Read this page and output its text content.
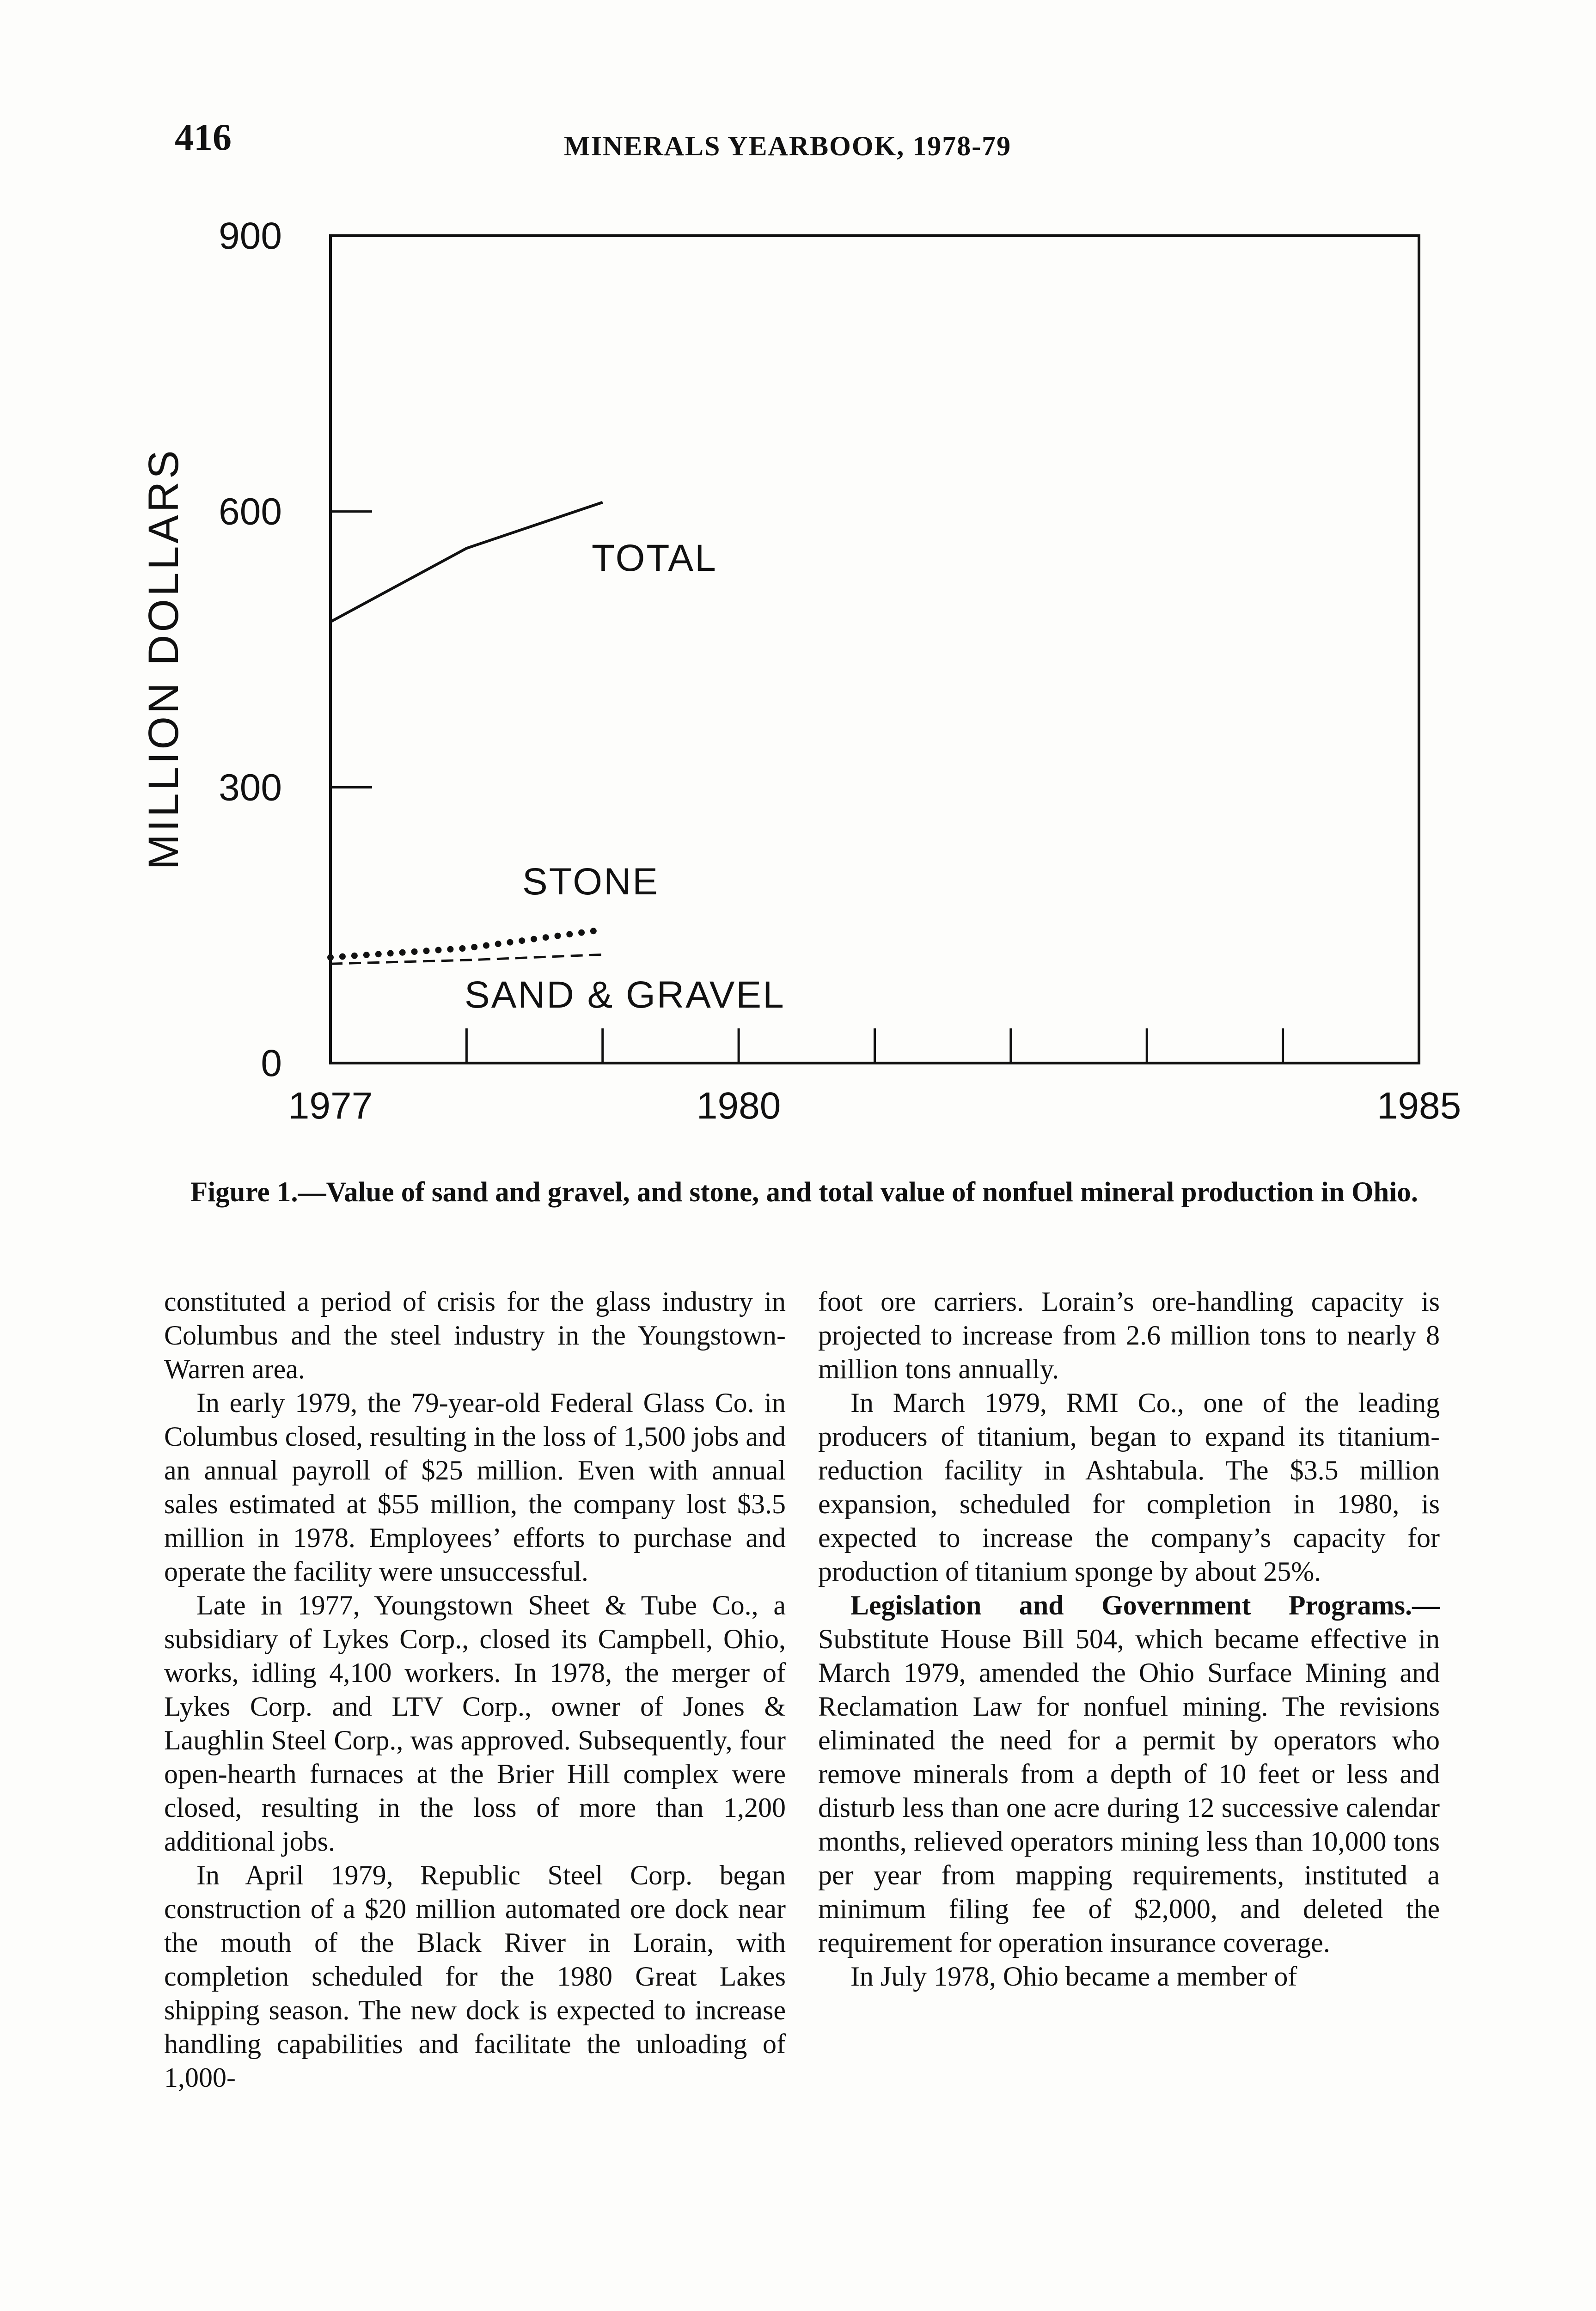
416	MINERALS YEARBOOK, 1978-79
0
300
600
900
1977	1980	1985
MILLION DOLLARS	TOTAL
STONE
SAND & GRAVEL
Figure 1.—Value of sand and gravel, and stone, and total value of nonfuel mineral production in Ohio.

constituted a period of crisis for the glass industry in Columbus and the steel industry in the Youngstown-Warren area.

In early 1979, the 79-year-old Federal Glass Co. in Columbus closed, resulting in the loss of 1,500 jobs and an annual payroll of $25 million. Even with annual sales estimated at $55 million, the company lost $3.5 million in 1978. Employees’ efforts to purchase and operate the facility were unsuccessful.

Late in 1977, Youngstown Sheet & Tube Co., a subsidiary of Lykes Corp., closed its Campbell, Ohio, works, idling 4,100 workers. In 1978, the merger of Lykes Corp. and LTV Corp., owner of Jones & Laughlin Steel Corp., was approved. Subsequently, four open-hearth furnaces at the Brier Hill complex were closed, resulting in the loss of more than 1,200 additional jobs.

In April 1979, Republic Steel Corp. began construction of a $20 million automated ore dock near the mouth of the Black River in Lorain, with completion scheduled for the 1980 Great Lakes shipping season. The new dock is expected to increase handling capabilities and facilitate the unloading of 1,000-

foot ore carriers. Lorain’s ore-handling capacity is projected to increase from 2.6 million tons to nearly 8 million tons annually.

In March 1979, RMI Co., one of the leading producers of titanium, began to expand its titanium-reduction facility in Ashtabula. The $3.5 million expansion, scheduled for completion in 1980, is expected to increase the company’s capacity for production of titanium sponge by about 25%.

Legislation and Government Programs.—Substitute House Bill 504, which became effective in March 1979, amended the Ohio Surface Mining and Reclamation Law for nonfuel mining. The revisions eliminated the need for a permit by operators who remove minerals from a depth of 10 feet or less and disturb less than one acre during 12 successive calendar months, relieved operators mining less than 10,000 tons per year from mapping requirements, instituted a minimum filing fee of $2,000, and deleted the requirement for operation insurance coverage.

In July 1978, Ohio became a member of
